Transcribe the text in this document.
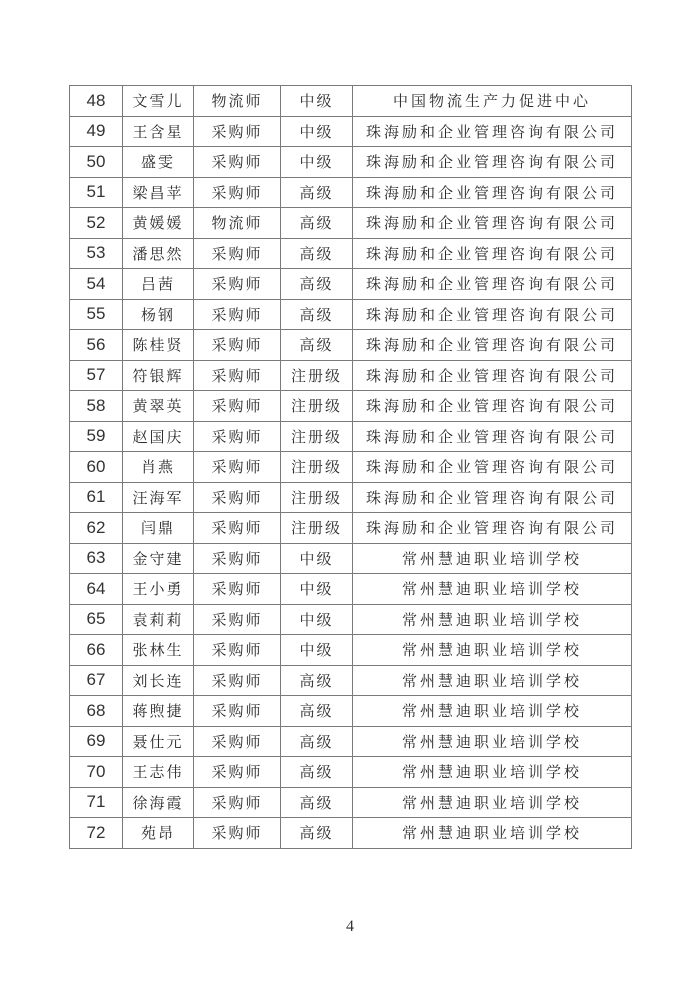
48	文雪儿	物流师	中级	中国物流生产力促进中心
49	王含星	采购师	中级	珠海励和企业管理咨询有限公司
50	盛雯	采购师	中级	珠海励和企业管理咨询有限公司
51	梁昌苹	采购师	高级	珠海励和企业管理咨询有限公司
52	黄媛媛	物流师	高级	珠海励和企业管理咨询有限公司
53	潘思然	采购师	高级	珠海励和企业管理咨询有限公司
54	吕茜	采购师	高级	珠海励和企业管理咨询有限公司
55	杨钢	采购师	高级	珠海励和企业管理咨询有限公司
56	陈桂贤	采购师	高级	珠海励和企业管理咨询有限公司
57	符银辉	采购师	注册级	珠海励和企业管理咨询有限公司
58	黄翠英	采购师	注册级	珠海励和企业管理咨询有限公司
59	赵国庆	采购师	注册级	珠海励和企业管理咨询有限公司
60	肖燕	采购师	注册级	珠海励和企业管理咨询有限公司
61	汪海军	采购师	注册级	珠海励和企业管理咨询有限公司
62	闫鼎	采购师	注册级	珠海励和企业管理咨询有限公司
63	金守建	采购师	中级	常州慧迪职业培训学校
64	王小勇	采购师	中级	常州慧迪职业培训学校
65	袁莉莉	采购师	中级	常州慧迪职业培训学校
66	张林生	采购师	中级	常州慧迪职业培训学校
67	刘长连	采购师	高级	常州慧迪职业培训学校
68	蒋煦捷	采购师	高级	常州慧迪职业培训学校
69	聂仕元	采购师	高级	常州慧迪职业培训学校
70	王志伟	采购师	高级	常州慧迪职业培训学校
71	徐海霞	采购师	高级	常州慧迪职业培训学校
72	苑昂	采购师	高级	常州慧迪职业培训学校
4
